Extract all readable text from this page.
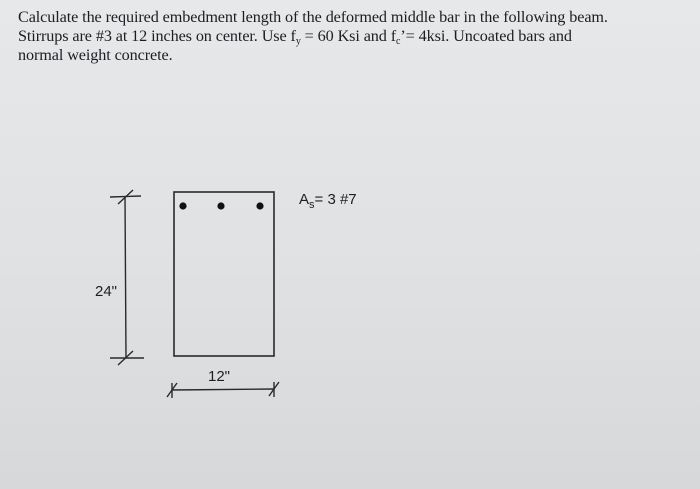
Calculate the required embedment length of the deformed middle bar in the following beam.

Stirrups are #3 at 12 inches on center. Use $f_y = 60$ Ksi and $f_c’= 4ksi$. Uncoated bars and

normal weight concrete.

$A_s= 3$ #7
24"
12"
